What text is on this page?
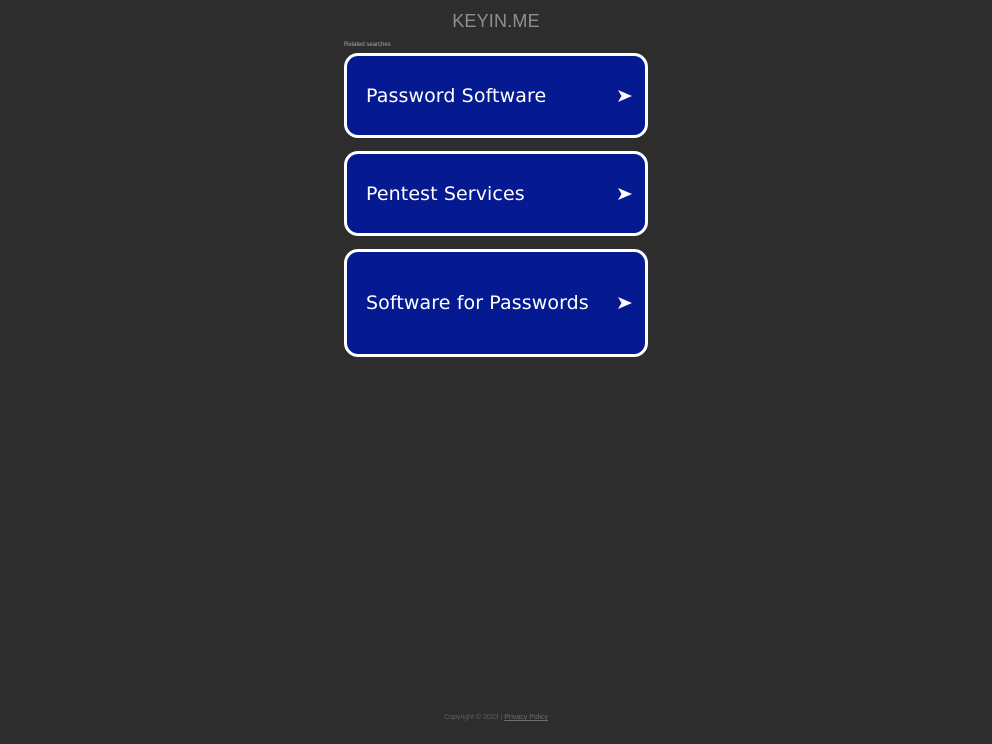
KEYIN.ME
Related searches
Password Software
Pentest Services
Software for Passwords
Copyright © 2023 | Privacy Policy
